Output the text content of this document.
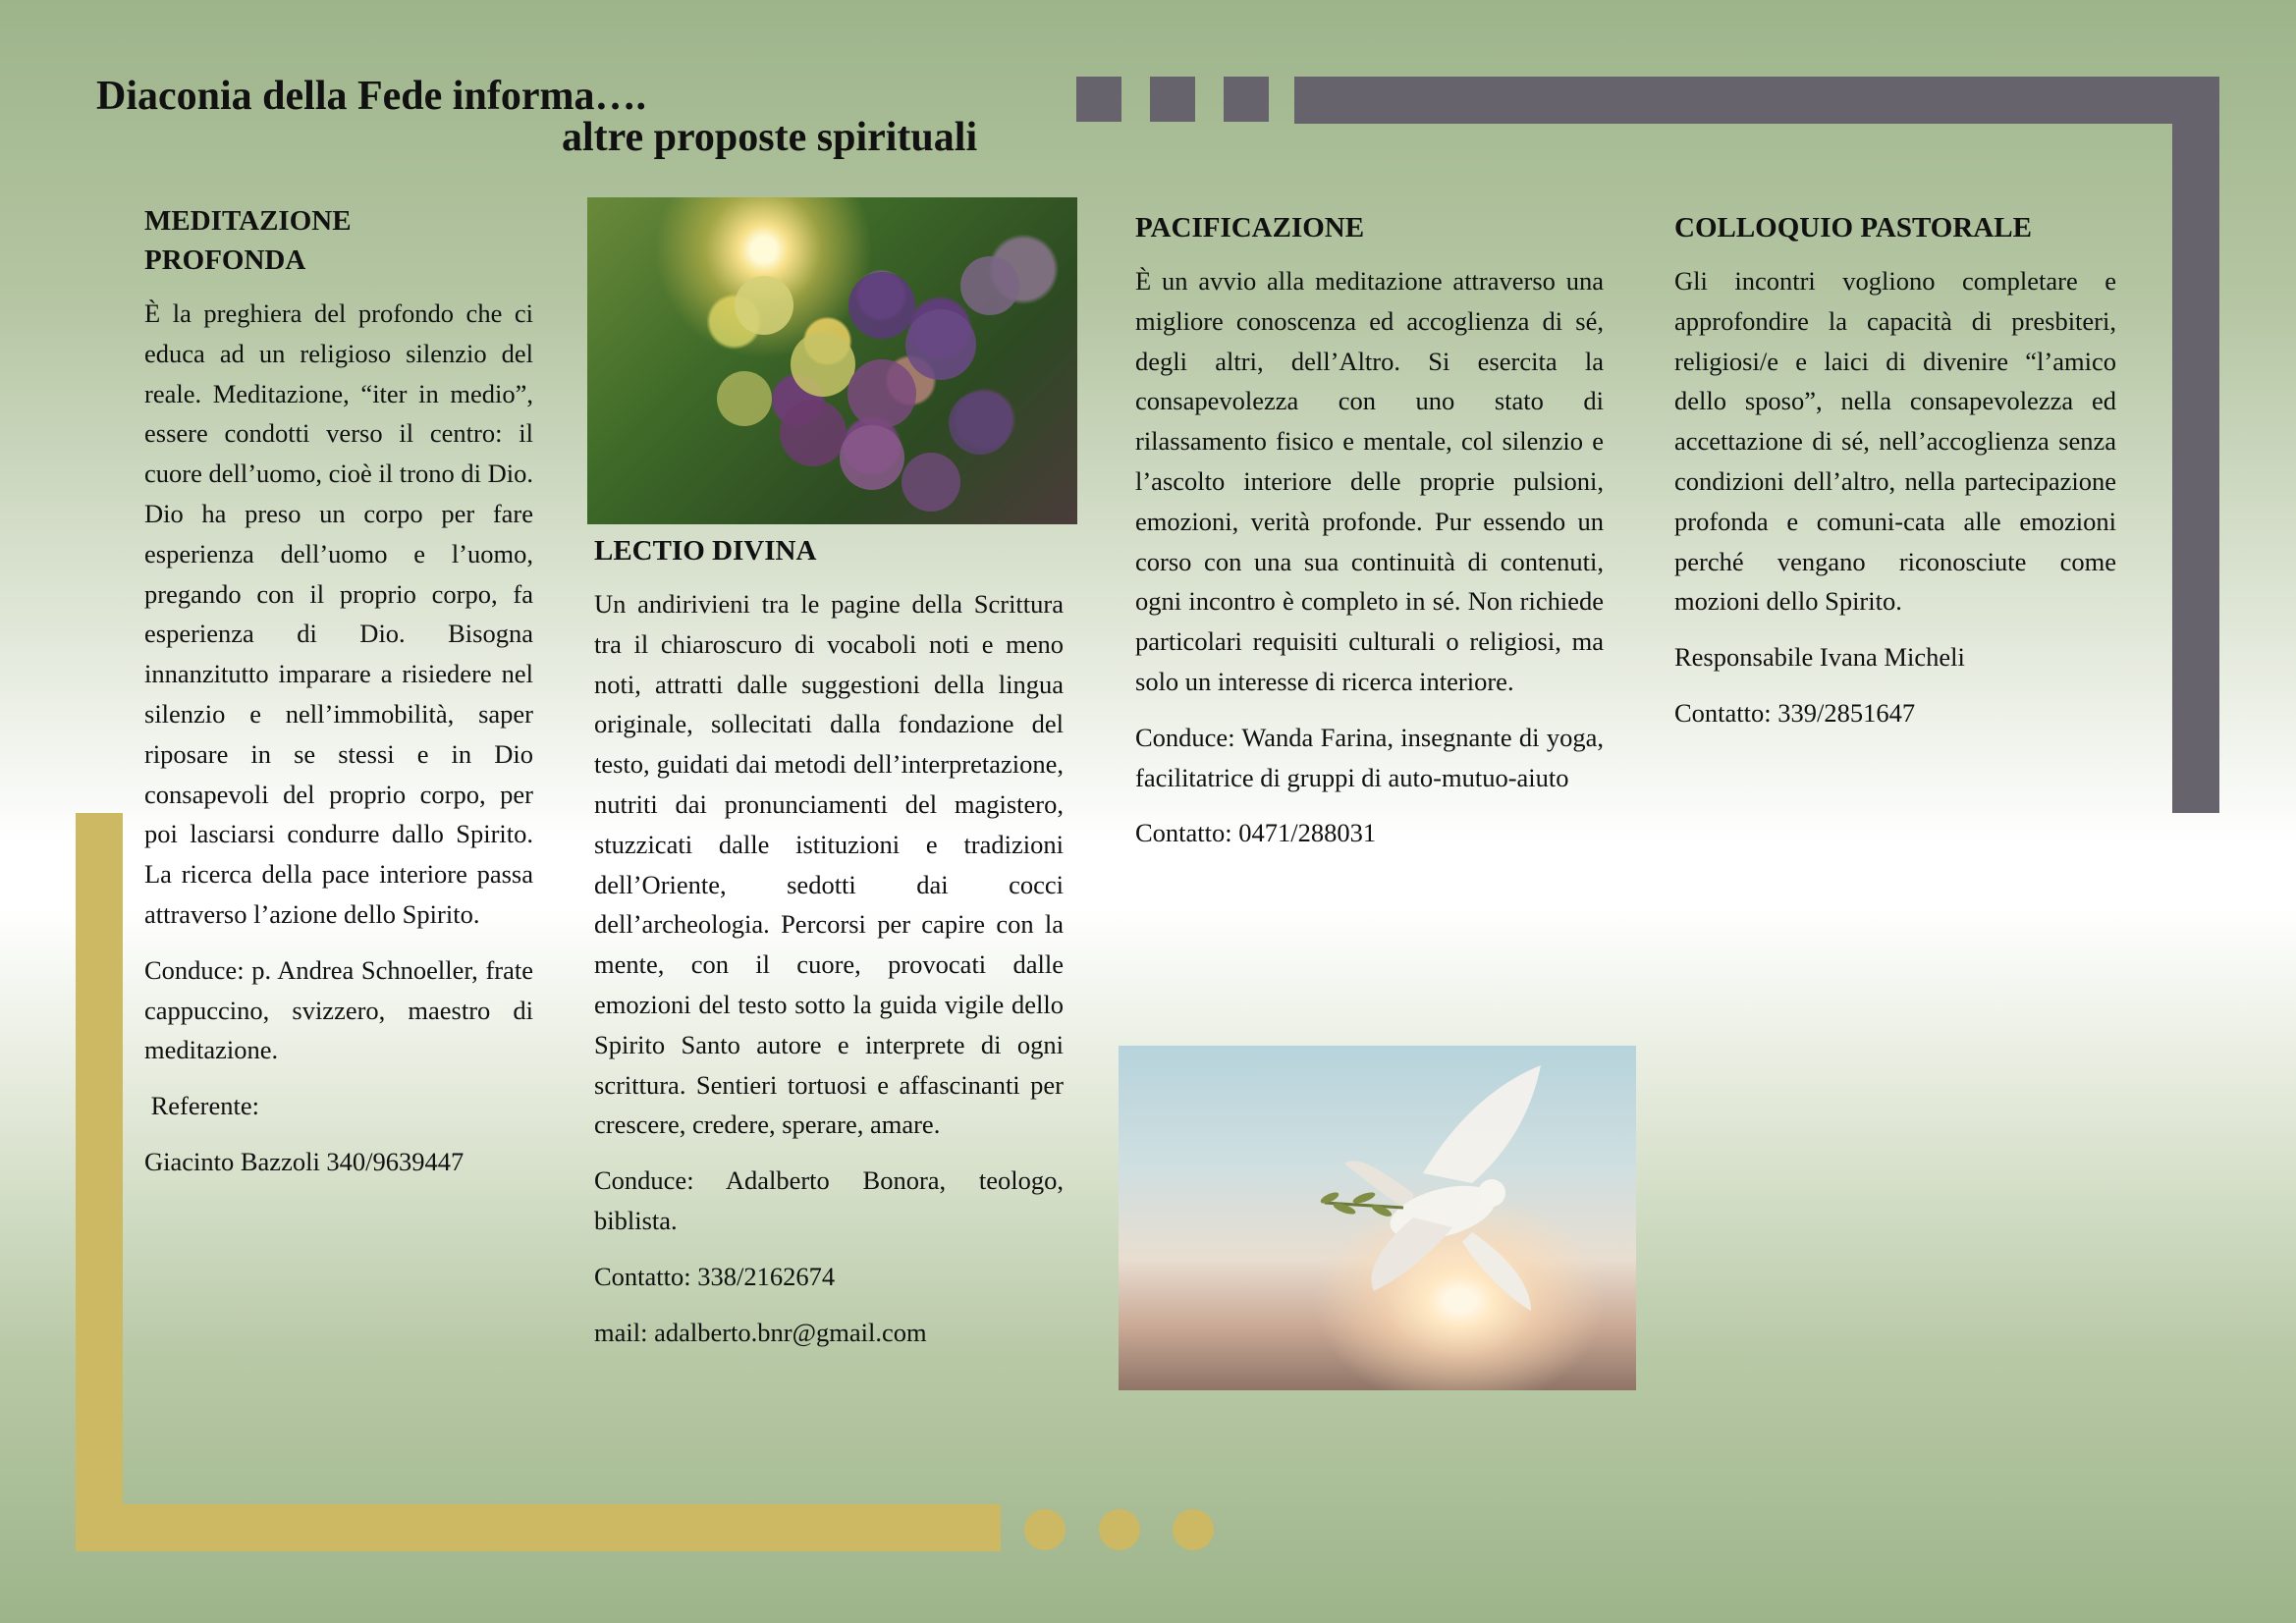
Diaconia della Fede informa….
altre proposte spirituali
MEDITAZIONE
PROFONDA

È la preghiera del profondo che ci educa ad un religioso silenzio del reale. Meditazione, “iter in medio”, essere condotti verso il centro: il cuore dell’uomo, cioè il trono di Dio. Dio ha preso un corpo per fare esperienza dell’uomo e l’uomo, pregando con il proprio corpo, fa esperienza di Dio. Bisogna innanzitutto imparare a risiedere nel silenzio e nell’immobilità, saper riposare in se stessi e in Dio consapevoli del proprio corpo, per poi lasciarsi condurre dallo Spirito. La ricerca della pace interiore passa attraverso l’azione dello Spirito.

Conduce: p. Andrea Schnoeller, frate cappuccino, svizzero, maestro di meditazione.

Referente:

Giacinto Bazzoli 340/9639447

LECTIO DIVINA

Un andirivieni tra le pagine della Scrittura tra il chiaroscuro di vocaboli noti e meno noti, attratti dalle suggestioni della lingua originale, sollecitati dalla fondazione del testo, guidati dai metodi dell’interpretazione, nutriti dai pronunciamenti del magistero, stuzzicati dalle istituzioni e tradizioni dell’Oriente, sedotti dai cocci dell’archeologia. Percorsi per capire con la mente, con il cuore, provocati dalle emozioni del testo sotto la guida vigile dello Spirito Santo autore e interprete di ogni scrittura. Sentieri tortuosi e affascinanti per crescere, credere, sperare, amare.

Conduce: Adalberto Bonora, teologo, biblista.

Contatto: 338/2162674

mail: adalberto.bnr@gmail.com

PACIFICAZIONE

È un avvio alla meditazione attraverso una migliore conoscenza ed accoglienza di sé, degli altri, dell’Altro. Si esercita la consapevolezza con uno stato di rilassamento fisico e mentale, col silenzio e l’ascolto interiore delle proprie pulsioni, emozioni, verità profonde. Pur essendo un corso con una sua continuità di contenuti, ogni incontro è completo in sé. Non richiede particolari requisiti culturali o religiosi, ma solo un interesse di ricerca interiore.

Conduce: Wanda Farina, insegnante di yoga, facilitatrice di gruppi di auto-mutuo-aiuto

Contatto: 0471/288031

COLLOQUIO PASTORALE

Gli incontri vogliono completare e approfondire la capacità di presbiteri, religiosi/e e laici di divenire “l’amico dello sposo”, nella consapevolezza ed accettazione di sé, nell’accoglienza senza condizioni dell’altro, nella partecipazione profonda e comuni-cata alle emozioni perché vengano riconosciute come mozioni dello Spirito.

Responsabile Ivana Micheli

Contatto: 339/2851647
